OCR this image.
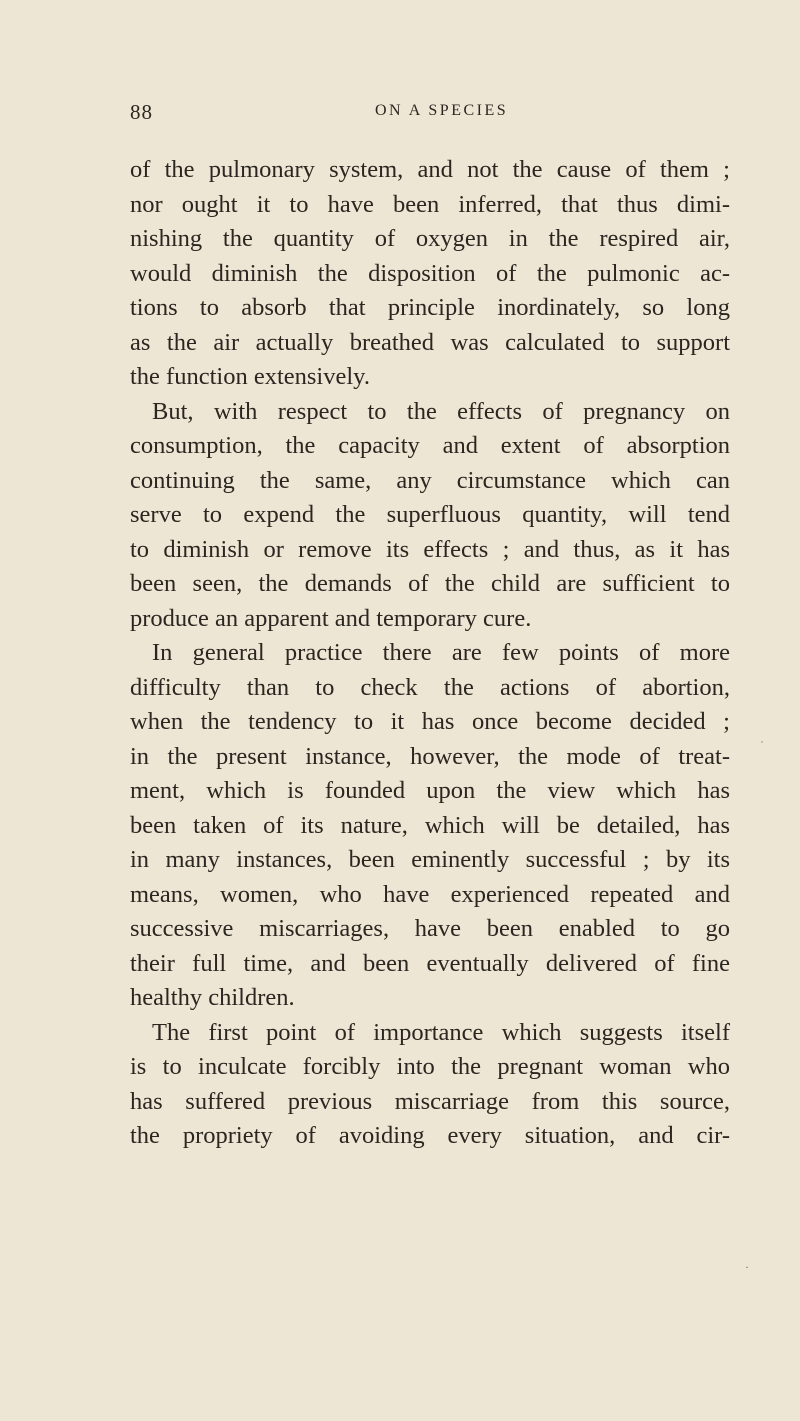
88	ON A SPECIES
of the pulmonary system, and not the cause of them ;
nor ought it to have been inferred, that thus dimi-
nishing the quantity of oxygen in the respired air,
would diminish the disposition of the pulmonic ac-
tions to absorb that principle inordinately, so long
as the air actually breathed was calculated to support
the function extensively.
But, with respect to the effects of pregnancy on
consumption, the capacity and extent of absorption
continuing the same, any circumstance which can
serve to expend the superfluous quantity, will tend
to diminish or remove its effects ; and thus, as it has
been seen, the demands of the child are sufficient to
produce an apparent and temporary cure.
In general practice there are few points of more
difficulty than to check the actions of abortion,
when the tendency to it has once become decided ;
in the present instance, however, the mode of treat-
ment, which is founded upon the view which has
been taken of its nature, which will be detailed, has
in many instances, been eminently successful ; by its
means, women, who have experienced repeated and
successive miscarriages, have been enabled to go
their full time, and been eventually delivered of fine
healthy children.
The first point of importance which suggests itself
is to inculcate forcibly into the pregnant woman who
has suffered previous miscarriage from this source,
the propriety of avoiding every situation, and cir-
˙
·
